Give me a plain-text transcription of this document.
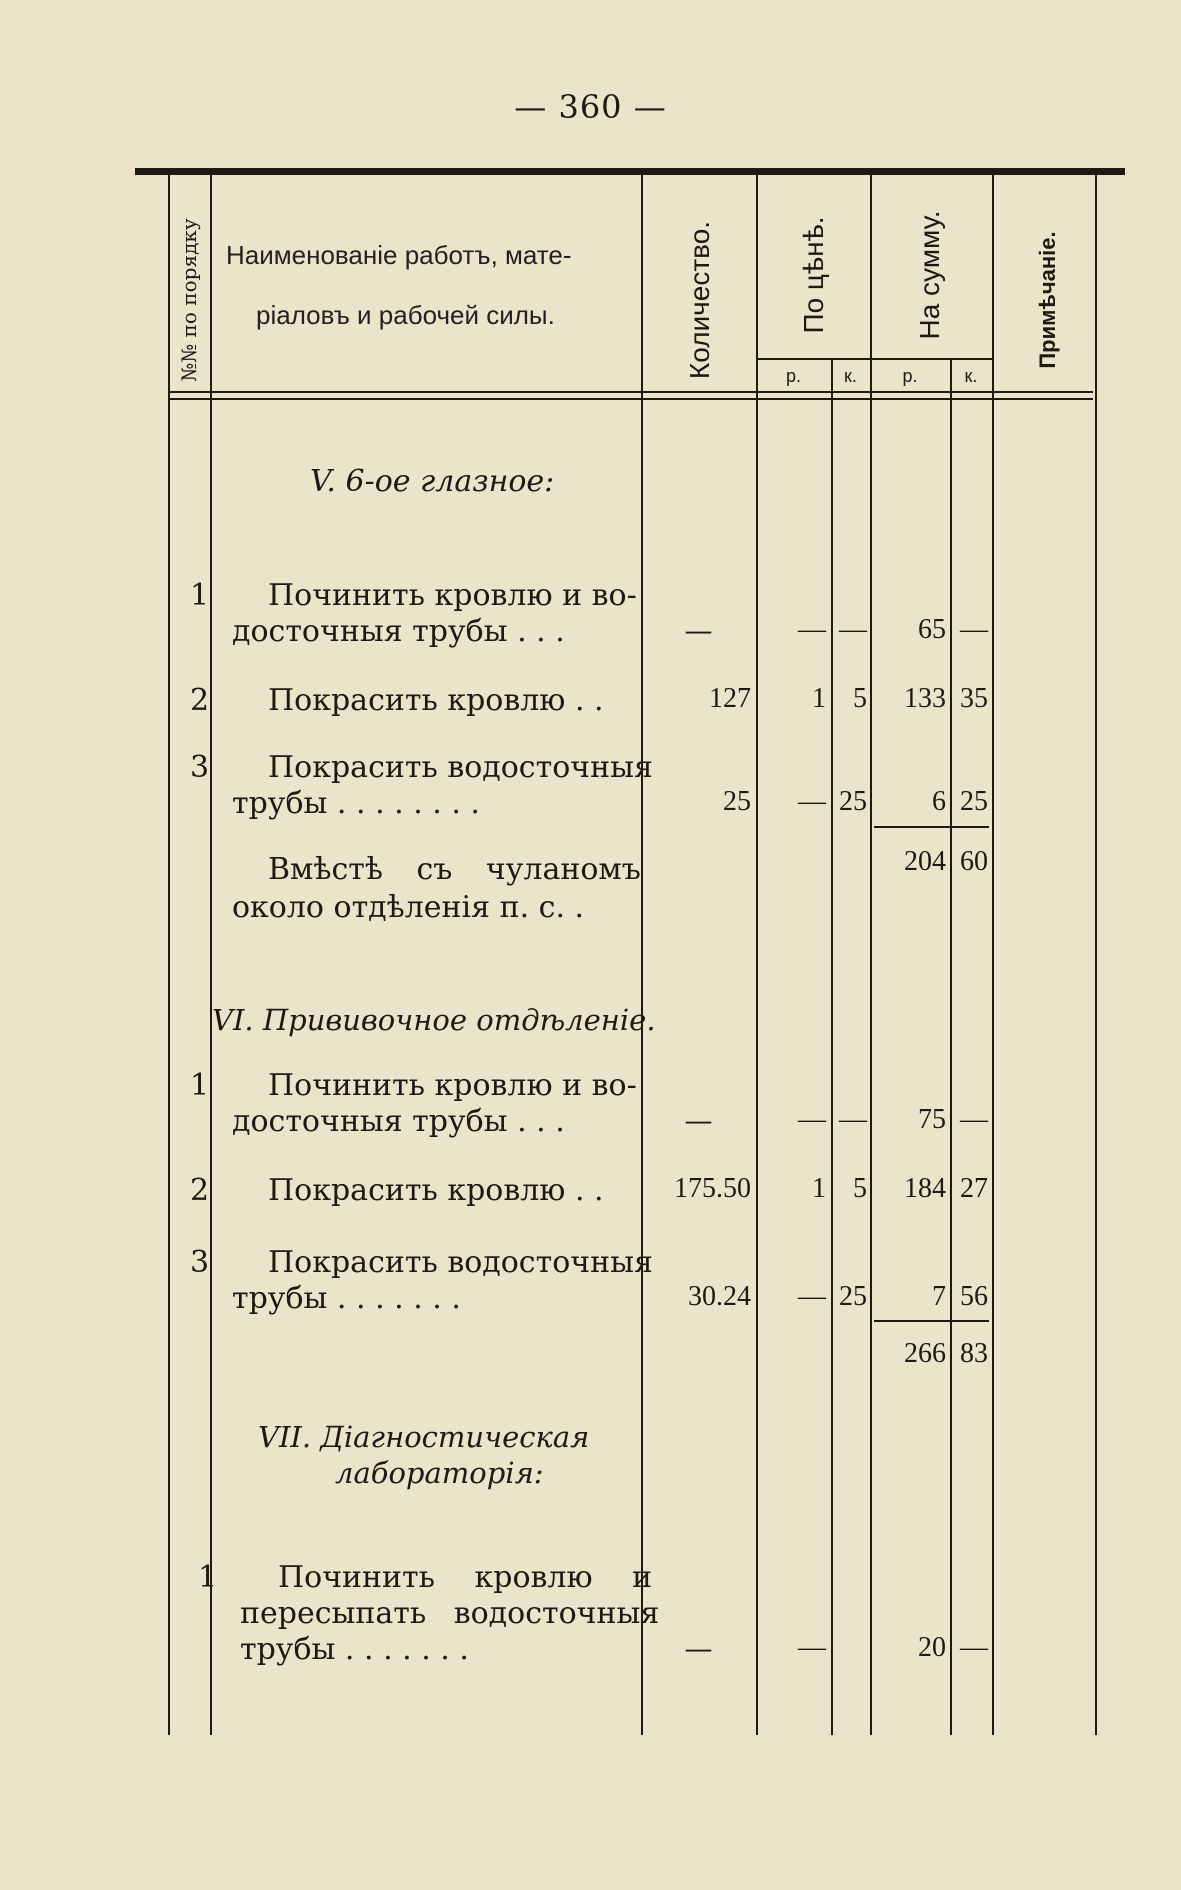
— 360 —
№№ по порядку Наименованіе работъ, мате-
ріаловъ и рабочей силы.	Количество.	По цѣнѣ.	На сумму.	Примѣчаніе.
р.	к.	р.	к.
V. 6-ое глазное:
1 Починить кровлю и во-
досточныя трубы . . .	—	— —	65 —
2 Покрасить кровлю . .	127	1 5	133 35
3 Покрасить водосточныя
трубы . . . . . . . .	25	— 25	6 25
Вмѣстѣ съ чуланомъ
около отдѣленія п. с. .
204 60
VI. Прививочное отдѣленіе.
1 Починить кровлю и во-
досточныя трубы . . .	—	— —	75 —
2 Покрасить кровлю . .	175.50	1 5	184 27
3 Покрасить водосточныя
трубы . . . . . . .	30.24	— 25	7 56
266 83
VII. Діагностическая
лабораторія:
1 Починить кровлю и
пересыпать водосточныя
трубы . . . . . . .	—	—	20 —
